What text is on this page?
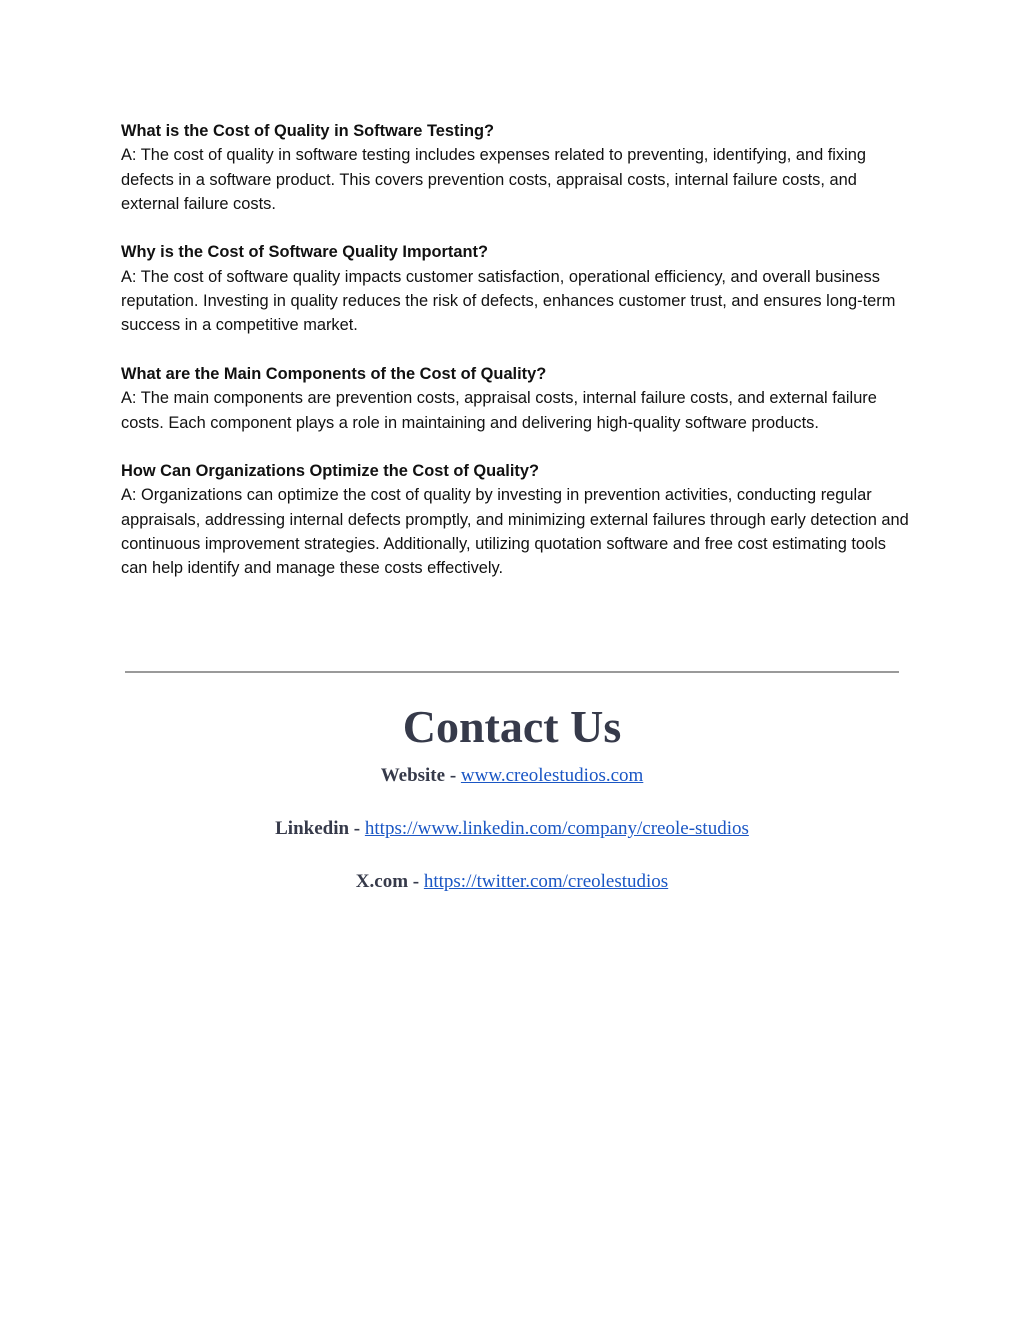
What is the Cost of Quality in Software Testing?
A: The cost of quality in software testing includes expenses related to preventing, identifying, and fixing defects in a software product. This covers prevention costs, appraisal costs, internal failure costs, and external failure costs.
Why is the Cost of Software Quality Important?
A: The cost of software quality impacts customer satisfaction, operational efficiency, and overall business reputation. Investing in quality reduces the risk of defects, enhances customer trust, and ensures long-term success in a competitive market.
What are the Main Components of the Cost of Quality?
A: The main components are prevention costs, appraisal costs, internal failure costs, and external failure costs. Each component plays a role in maintaining and delivering high-quality software products.
How Can Organizations Optimize the Cost of Quality?
A: Organizations can optimize the cost of quality by investing in prevention activities, conducting regular appraisals, addressing internal defects promptly, and minimizing external failures through early detection and continuous improvement strategies. Additionally, utilizing quotation software and free cost estimating tools can help identify and manage these costs effectively.
Contact Us

Website - www.creolestudios.com

Linkedin - https://www.linkedin.com/company/creole-studios

X.com - https://twitter.com/creolestudios
